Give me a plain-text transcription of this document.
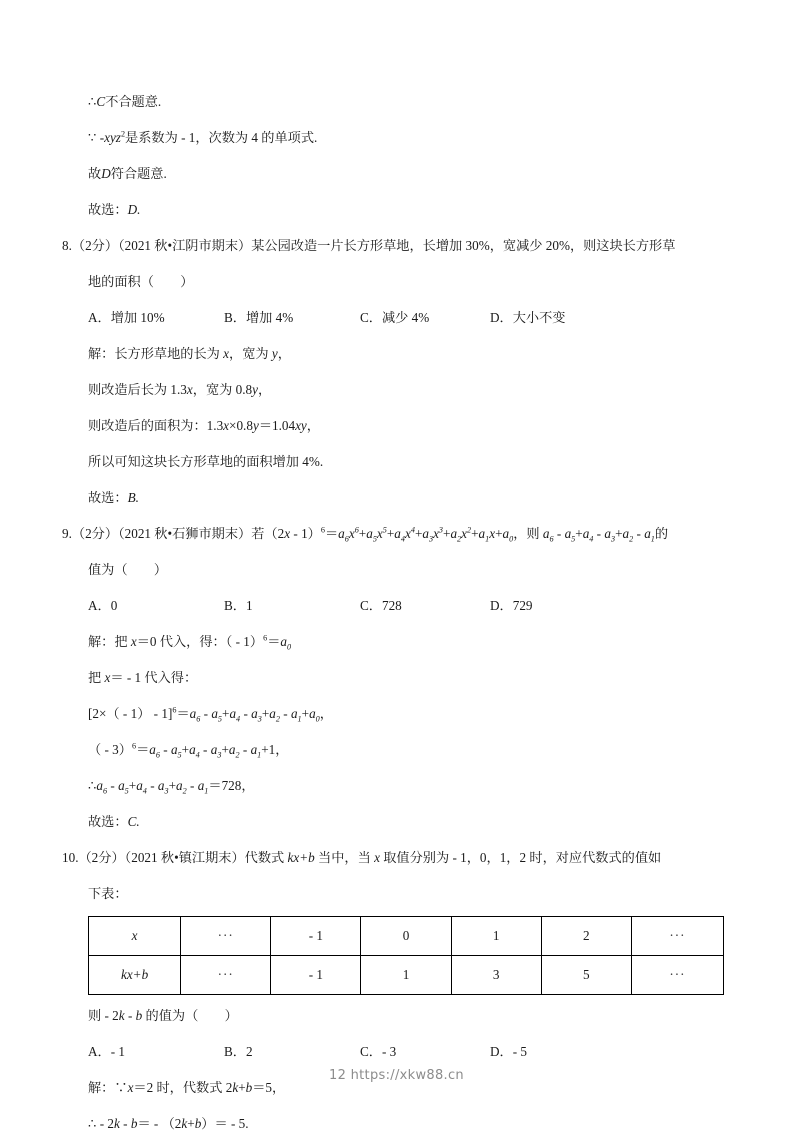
∴C不合题意.
∵ -xyz$^2$是系数为 - 1，次数为 4 的单项式.
故D符合题意.
故选：D.
8.（2分）（2021 秋•江阴市期末）某公园改造一片长方形草地，长增加 30%，宽减少 20%，则这块长方形草
地的面积（　　）
A．增加 10%	B．增加 4%	C．减少 4%	D．大小不变
解：长方形草地的长为 x，宽为 y，
则改造后长为 1.3x，宽为 0.8y，
则改造后的面积为：1.3x×0.8y＝1.04xy，
所以可知这块长方形草地的面积增加 4%.
故选：B.
9.（2分）（2021 秋•石狮市期末）若$(2x - 1)^6=a_6x^6+a_5x^5+a_4x^4+a_3x^3+a_2x^2+a_1x+a_0$，则 $a_6 - a_5+a_4 - a_3+a_2 - a_1$的
值为（　　）
A．0	B．1	C．728	D．729
解：把 x＝0 代入，得：（ - $1)^6=a_0$
把 x＝ - 1 代入得：
$[2\times( - 1) - 1]^6=a_6 - a_5+a_4 - a_3+a_2 - a_1+a_0$，
（ - $3)^6=a_6 - a_5+a_4 - a_3+a_2 - a_1+1$，
$\therefore a_6 - a_5+a_4 - a_3+a_2 - a_1=728$，
故选：C.
10.（2分）（2021 秋•镇江期末）代数式 kx+b 当中，当 x 取值分别为 - 1，0，1，2 时，对应代数式的值如
下表：
x	···	- 1	0	1	2	···
kx+b	···	- 1	1	3	5	···
则 - 2k - b 的值为（　　）
A．- 1	B．2	C．- 3	D．- 5
解：∵x＝2 时，代数式 2k+b＝5，
∴ - 2k - b＝ - （2k+b）＝ - 5.
12 https://xkw88.cn
